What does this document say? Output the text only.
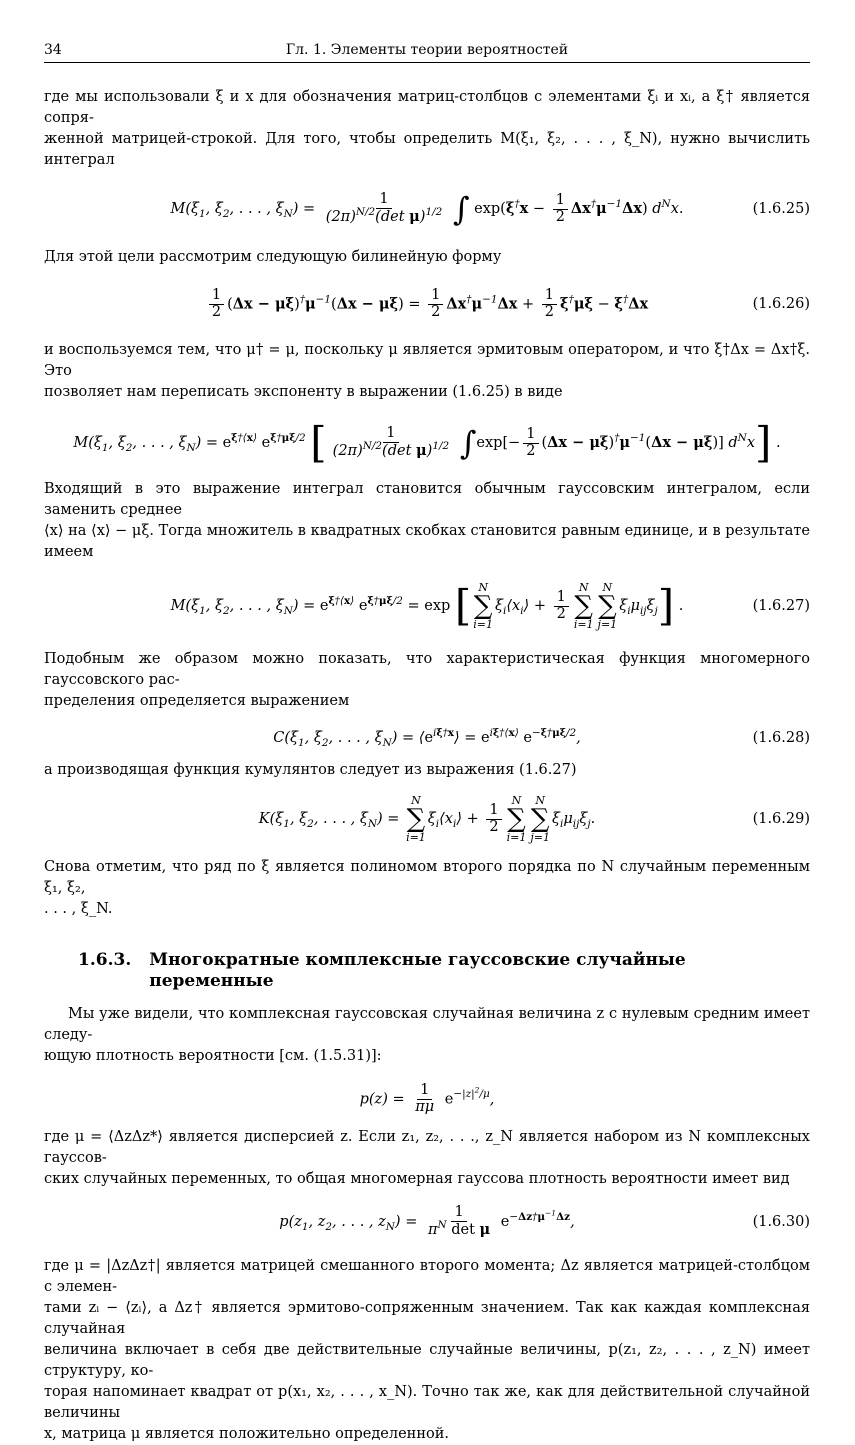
34	Гл. 1. Элементы теории вероятностей

где мы использовали ξ и x для обозначения матриц-столбцов с элементами ξᵢ и xᵢ, а ξ† является сопря-

женной матрицей-строкой. Для того, чтобы определить M(ξ₁, ξ₂, . . . , ξ_N), нужно вычислить интеграл

$M(\xi_1$, $\xi_2$, . . . , $\xi_N) = \frac{1}{(2\pi)^{N/2}(\det \mu)^{1/2}}$ ∫ $\exp(\xi^\dagger x - \frac{1}{2} \Delta x^\dagger\mu^{-1}\Delta x)$ $d^Nx$.	(1.6.25)

Для этой цели рассмотрим следующую билинейную форму

$\frac{1}{2} (\Delta x - \mu\xi)^\dagger\mu^{-1}(\Delta x - \mu\xi) = \frac{1}{2} \Delta x^\dagger\mu^{-1}\Delta x + \frac{1}{2} \xi^\dagger\mu\xi - \xi^\dagger\Delta x$	(1.6.26)

и воспользуемся тем, что μ† = μ, поскольку μ является эрмитовым оператором, и что ξ†Δx = Δx†ξ. Это

позволяет нам переписать экспоненту в выражении (1.6.25) в виде

$M(\xi_1$, $\xi_2$, . . . , $\xi_N) = e^{\xi\dagger⟨x⟩}$ $e^{\xi\dagger\mu\xi/2}$ [ $\frac{1}{(2\pi)^{N/2}(\det \mu)^{1/2}} \int\exp[- \frac{1}{2} (\Delta x - \mu\xi)^\dagger\mu^{-1}(\Delta x - \mu\xi)]$ $d^Nx$] .

Входящий в это выражение интеграл становится обычным гауссовским интегралом, если заменить среднее

⟨x⟩ на ⟨x⟩ − μξ. Тогда множитель в квадратных скобках становится равным единице, и в результате имеем

$M(\xi_1$, $\xi_2$, . . . , $\xi_N) = e^{\xi\dagger⟨x⟩}$ $e^{\xi\dagger\mu\xi/2} = \exp$ [ N
∑
i=1
$\xi_i⟨x_i⟩ + \frac{1}{2}$
N
∑
i=1
N
∑
j=1
$\xi_i\mu_{ij}\xi_j$] .	(1.6.27)

Подобным же образом можно показать, что характеристическая функция многомерного гауссовского рас-

пределения определяется выражением

$C(\xi_1$, $\xi_2$, . . . , $\xi_N$) = $⟨e^{i\xi\dagger x}⟩ = e^{i\xi\dagger⟨x⟩}$ $e^{-\xi\dagger\mu\xi/2}$,	(1.6.28)

а производящая функция кумулянтов следует из выражения (1.6.27)

$K(\xi_1$, $\xi_2$, . . . , $\xi_N$) =
N
∑
i=1
$\xi_i⟨x_i⟩ + \frac{1}{2}$
N
∑
i=1
N
∑
j=1
$\xi_i\mu_{ij}\xi_j$.	(1.6.29)

Снова отметим, что ряд по ξ является полиномом второго порядка по N случайным переменным ξ₁, ξ₂,

. . . , ξ_N.

1.6.3. Многократные комплексные гауссовские случайные переменные

Мы уже видели, что комплексная гауссовская случайная величина z с нулевым средним имеет следу-

ющую плотность вероятности [см. (1.5.31)]:

$p(z) = \frac{1}{\pi\mu} e^{-|z|^2/\mu}$,

где μ = ⟨ΔzΔz*⟩ является дисперсией z. Если z₁, z₂, . . ., z_N является набором из N комплексных гауссов-

ских случайных переменных, то общая многомерная гауссова плотность вероятности имеет вид

$p(z_1$, $z_2$, . . . , $z_N) = \frac{1}{\pi^N \det \mu} e^{-\Delta z\dagger\mu^{-1}\Delta z}$,	(1.6.30)

где μ = |ΔzΔz†| является матрицей смешанного второго момента; Δz является матрицей-столбцом с элемен-

тами zᵢ − ⟨zᵢ⟩, а Δz† является эрмитово-сопряженным значением. Так как каждая комплексная случайная

величина включает в себя две действительные случайные величины, p(z₁, z₂, . . . , z_N) имеет структуру, ко-

торая напоминает квадрат от p(x₁, x₂, . . . , x_N). Точно так же, как для действительной случайной величины

x, матрица μ является положительно определенной.
